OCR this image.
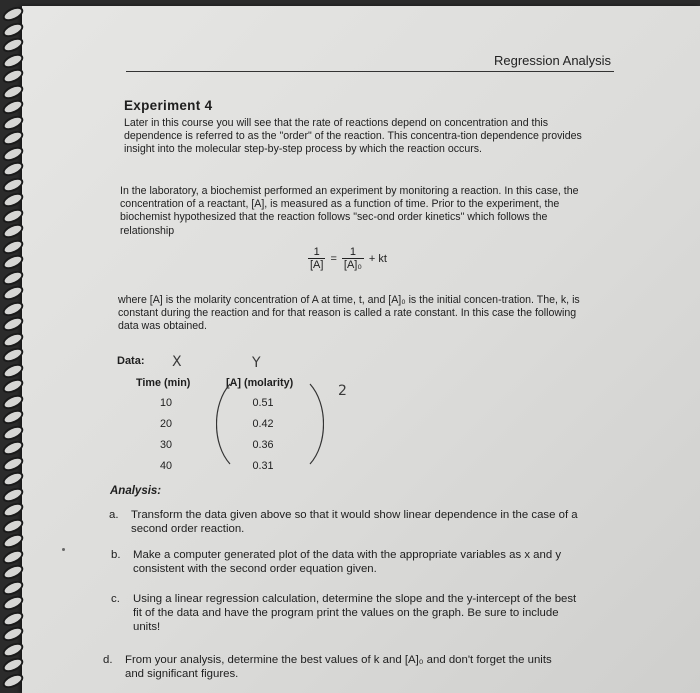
Regression Analysis
Experiment 4
Later in this course you will see that the rate of reactions depend on concentration and this dependence is referred to as the "order" of the reaction. This concentra-tion dependence provides insight into the molecular step-by-step process by which the reaction occurs.
In the laboratory, a biochemist performed an experiment by monitoring a reaction. In this case, the concentration of a reactant, [A], is measured as a function of time. Prior to the experiment, the biochemist hypothesized that the reaction follows "sec-ond order kinetics" which follows the relationship
$\frac{1}{[A]} = \frac{1}{\text{[A]₀}}$ + kt
where [A] is the molarity concentration of A at time, t, and [A]₀ is the initial concen-tration. The, k, is constant during the reaction and for that reason is called a rate constant. In this case the following data was obtained.
Data: X	Y
2
Time (min)	[A] (molarity)
10	0.51
20	0.42
30	0.36
40	0.31
Analysis:
a.	Transform the data given above so that it would show linear dependence in the case of a second order reaction.
b.	Make a computer generated plot of the data with the appropriate variables as x and y consistent with the second order equation given.
c.	Using a linear regression calculation, determine the slope and the y-intercept of the best fit of the data and have the program print the values on the graph. Be sure to include units!
d.	From your analysis, determine the best values of k and [A]₀ and don't forget the units and significant figures.
